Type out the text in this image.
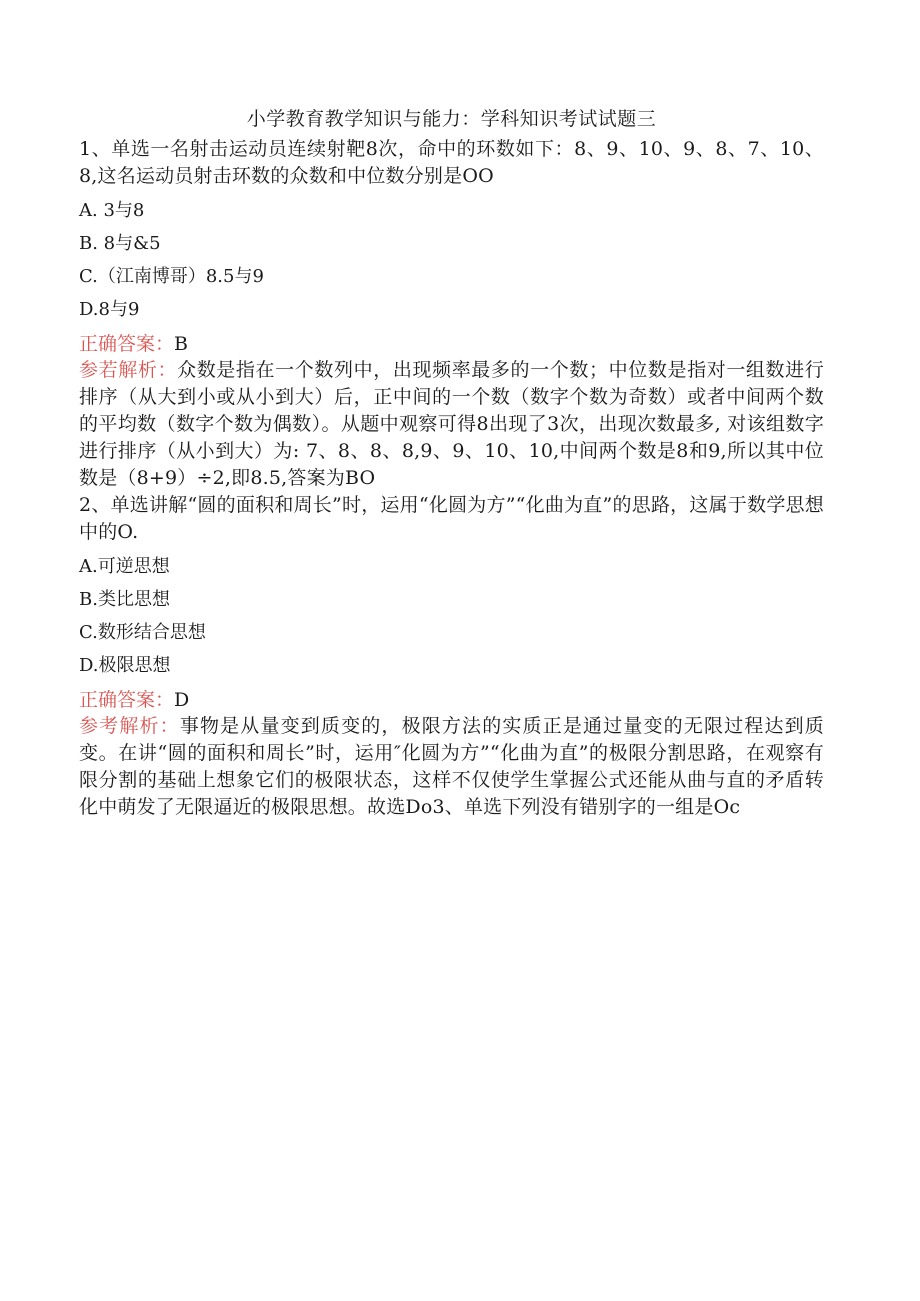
小学教育教学知识与能力：学科知识考试试题三

1、单选一名射击运动员连续射靶8次，命中的环数如下：8、9、10、9、8、7、10、8,这名运动员射击环数的众数和中位数分别是OO

A. 3与8

B. 8与&5

C.（江南博哥）8.5与9

D.8与9

正确答案：B

参若解析：众数是指在一个数列中，出现频率最多的一个数；中位数是指对一组数进行排序（从大到小或从小到大）后，正中间的一个数（数字个数为奇数）或者中间两个数的平均数（数字个数为偶数）。从题中观察可得8出现了3次，出现次数最多, 对该组数字进行排序（从小到大）为: 7、8、8、8,9、9、10、10,中间两个数是8和9,所以其中位数是（8+9）÷2,即8.5,答案为BO

2、单选讲解“圆的面积和周长”时，运用“化圆为方”“化曲为直”的思路，这属于数学思想中的O.

A.可逆思想

B.类比思想

C.数形结合思想

D.极限思想

正确答案：D

参考解析：事物是从量变到质变的，极限方法的实质正是通过量变的无限过程达到质变。在讲“圆的面积和周长”时，运用″化圆为方”“化曲为直”的极限分割思路，在观察有限分割的基础上想象它们的极限状态，这样不仅使学生掌握公式还能从曲与直的矛盾转化中萌发了无限逼近的极限思想。故选Do3、单选下列没有错别字的一组是Oc
